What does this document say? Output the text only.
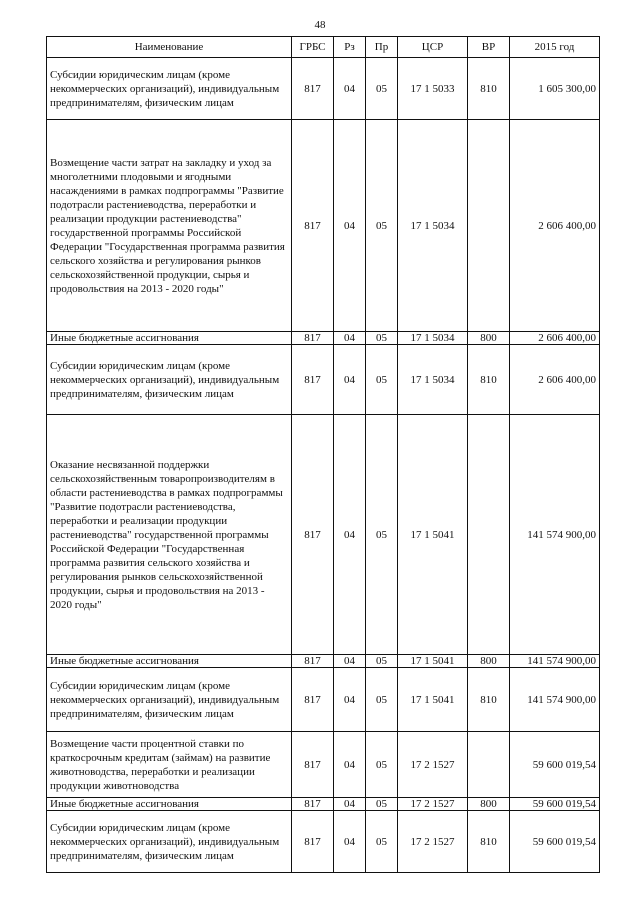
48
Наименование	ГРБС	Рз	Пр	ЦСР	ВР	2015 год
Субсидии юридическим лицам (кроме некоммерческих организаций), индивидуальным предпринимателям, физическим лицам	817	04	05	17 1 5033	810	1 605 300,00
Возмещение части затрат на закладку и уход за многолетними плодовыми и ягодными насаждениями в рамках подпрограммы "Развитие подотрасли растениеводства, переработки и реализации продукции растениеводства" государственной программы Российской Федерации "Государственная программа развития сельского хозяйства и регулирования рынков сельскохозяйственной продукции, сырья и продовольствия на 2013 - 2020 годы"	817	04	05	17 1 5034		2 606 400,00
Иные бюджетные ассигнования	817	04	05	17 1 5034	800	2 606 400,00
Субсидии юридическим лицам (кроме некоммерческих организаций), индивидуальным предпринимателям, физическим лицам	817	04	05	17 1 5034	810	2 606 400,00
Оказание несвязанной поддержки сельскохозяйственным товаропроизводителям в области растениеводства в рамках подпрограммы "Развитие подотрасли растениеводства, переработки и реализации продукции растениеводства" государственной программы Российской Федерации "Государственная программа развития сельского хозяйства и регулирования рынков сельскохозяйственной продукции, сырья и продовольствия на 2013 - 2020 годы"	817	04	05	17 1 5041		141 574 900,00
Иные бюджетные ассигнования	817	04	05	17 1 5041	800	141 574 900,00
Субсидии юридическим лицам (кроме некоммерческих организаций), индивидуальным предпринимателям, физическим лицам	817	04	05	17 1 5041	810	141 574 900,00
Возмещение части процентной ставки по краткосрочным кредитам (займам) на развитие животноводства, переработки и реализации продукции животноводства	817	04	05	17 2 1527		59 600 019,54
Иные бюджетные ассигнования	817	04	05	17 2 1527	800	59 600 019,54
Субсидии юридическим лицам (кроме некоммерческих организаций), индивидуальным предпринимателям, физическим лицам	817	04	05	17 2 1527	810	59 600 019,54
